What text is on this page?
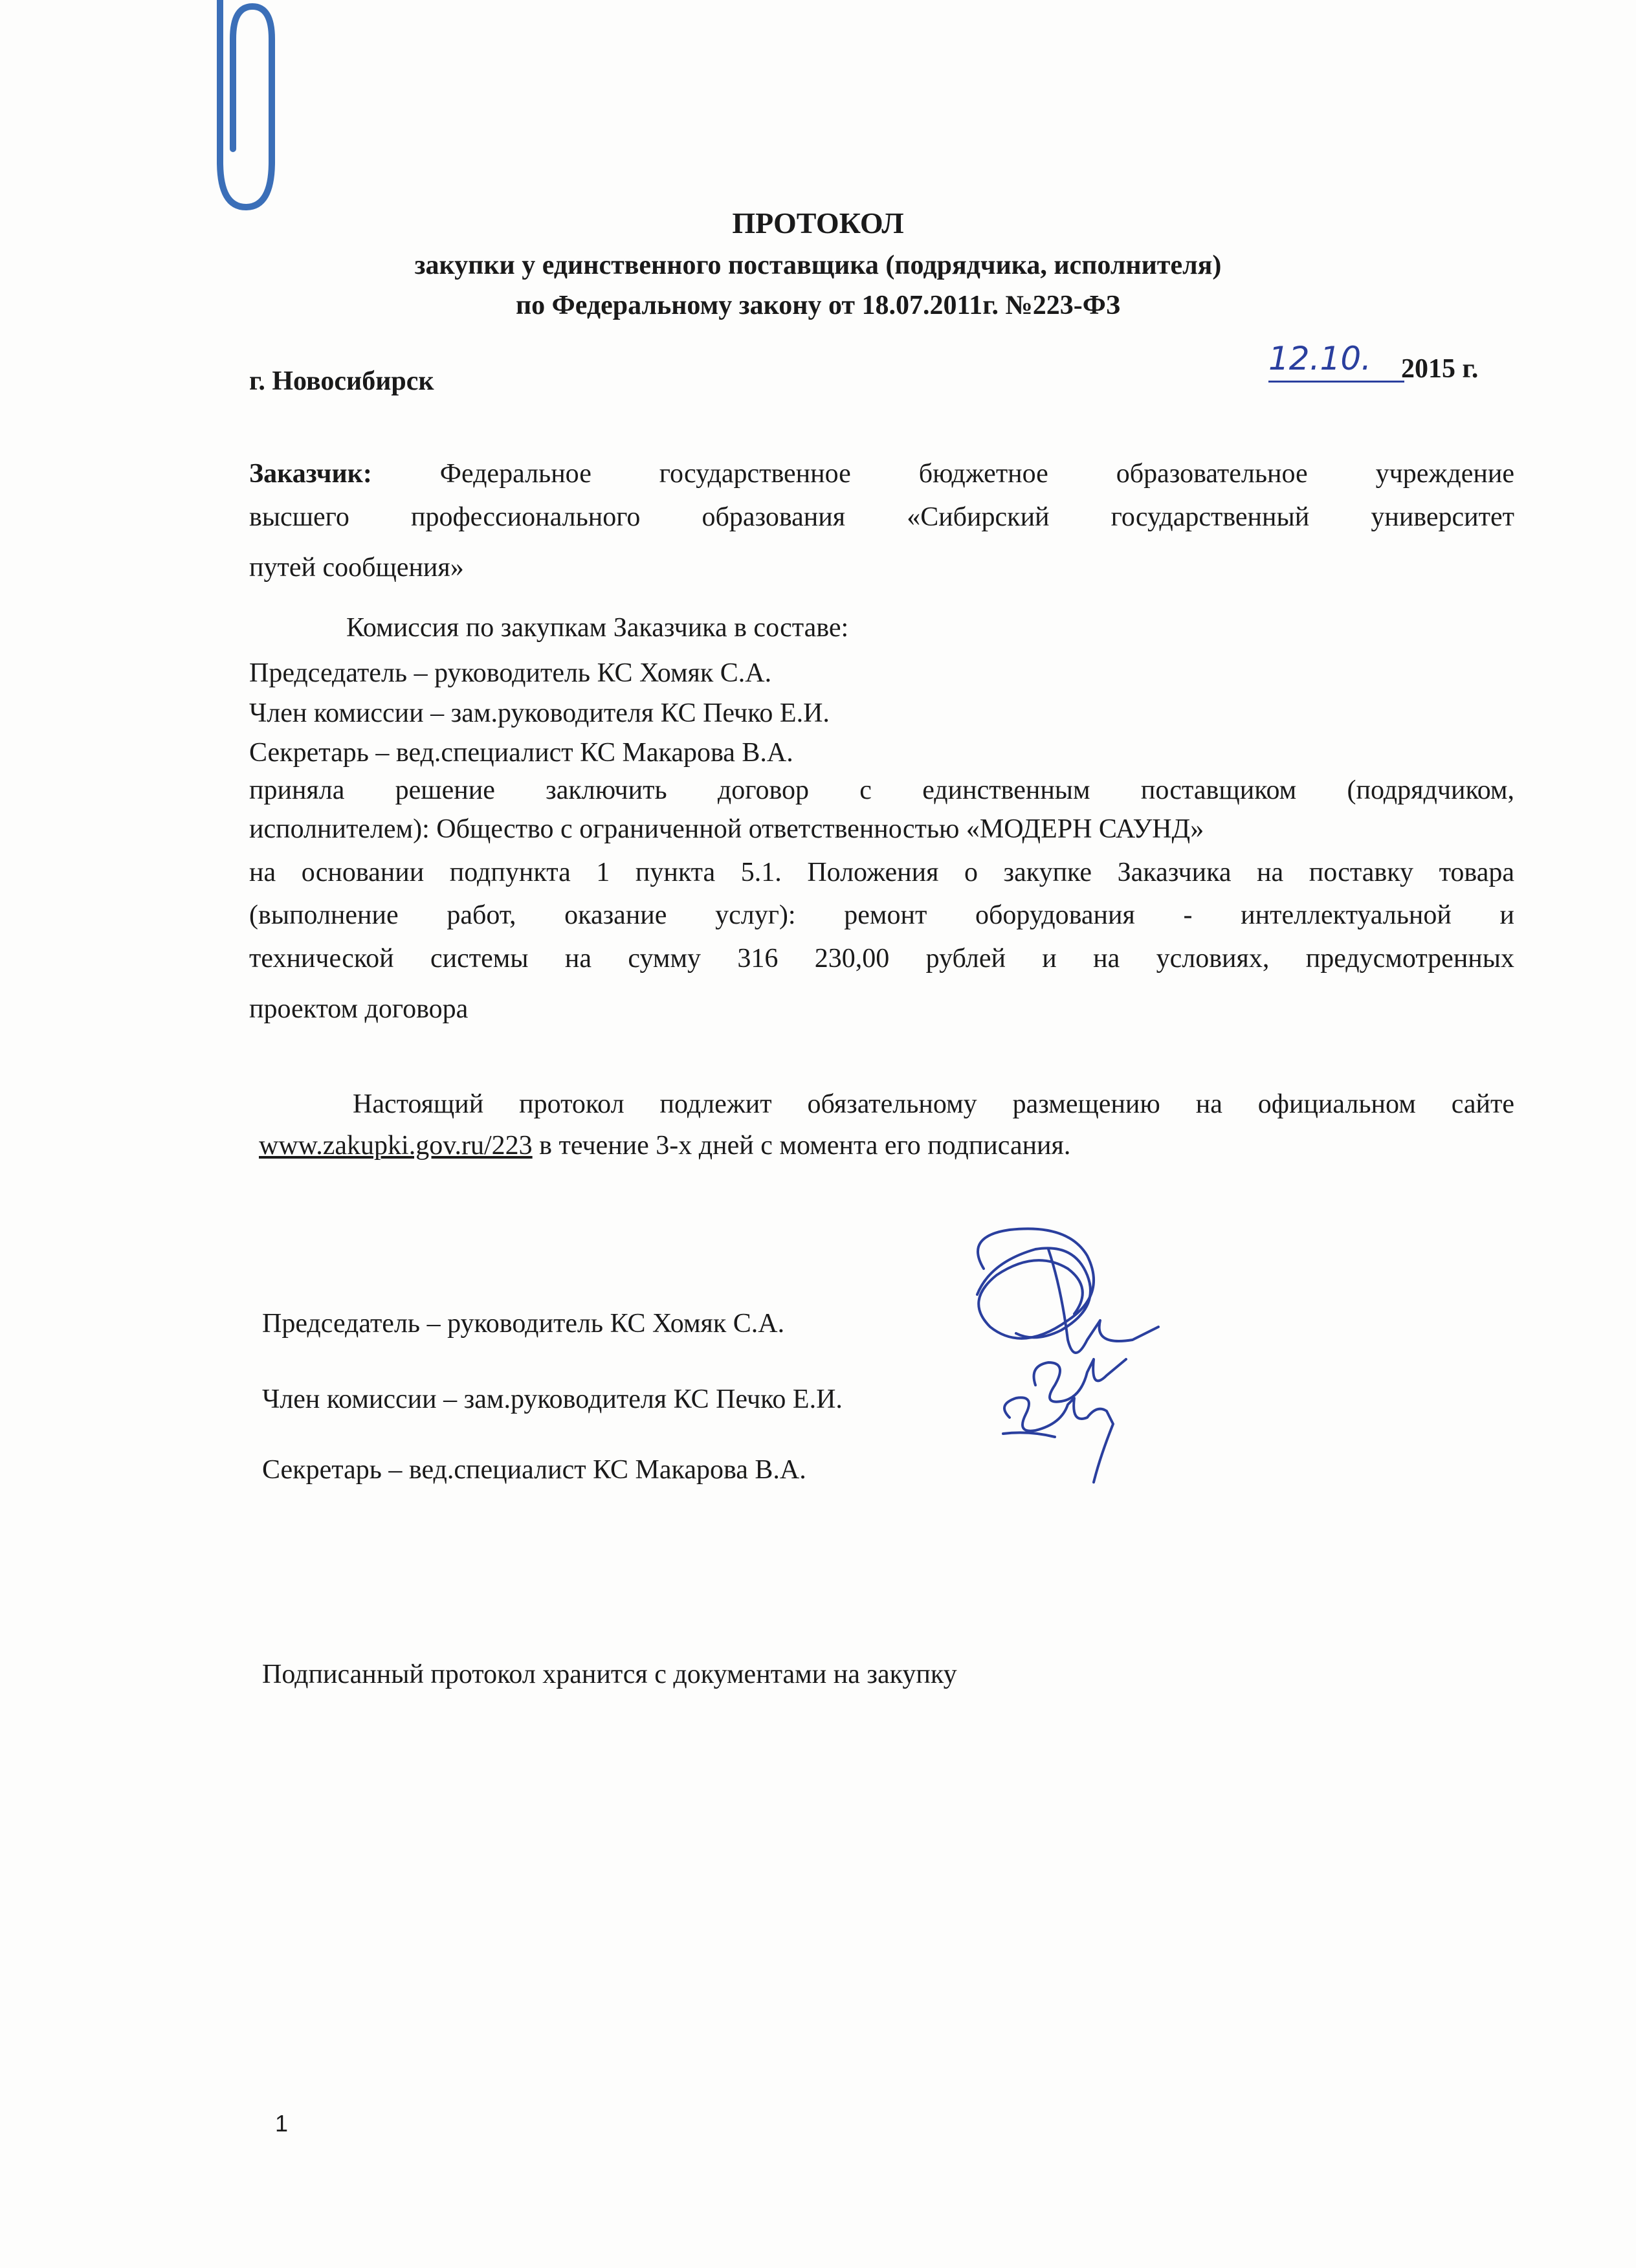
ПРОТОКОЛ
закупки у единственного поставщика (подрядчика, исполнителя)
по Федеральному закону от 18.07.2011г. №223-ФЗ
г. Новосибирск
12.10.	2015 г.
Заказчик: Федеральное государственное бюджетное образовательное учреждение
высшего профессионального образования «Сибирский государственный университет
путей сообщения»
Комиссия по закупкам Заказчика в составе:
Председатель – руководитель КС Хомяк С.А.
Член комиссии – зам.руководителя КС Печко Е.И.
Секретарь – вед.специалист КС Макарова В.А.
приняла решение заключить договор с единственным поставщиком (подрядчиком,
исполнителем): Общество с ограниченной ответственностью «МОДЕРН САУНД»
на основании подпункта 1 пункта 5.1. Положения о закупке Заказчика на поставку товара
(выполнение работ, оказание услуг): ремонт оборудования - интеллектуальной и
технической системы на сумму 316 230,00 рублей и на условиях, предусмотренных
проектом договора
Настоящий протокол подлежит обязательному размещению на официальном сайте
www.zakupki.gov.ru/223 в течение 3-х дней с момента его подписания.
Председатель – руководитель КС Хомяк С.А.
Член комиссии – зам.руководителя КС Печко Е.И.
Секретарь – вед.специалист КС Макарова В.А.
Подписанный протокол хранится с документами на закупку
1
